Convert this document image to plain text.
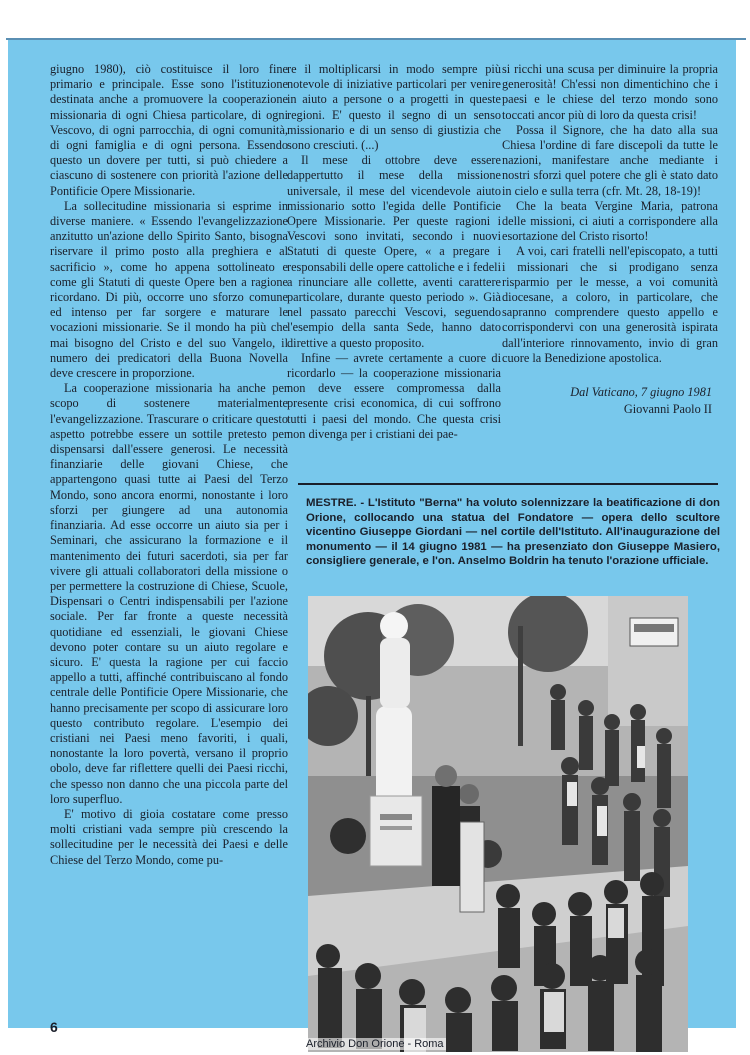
giugno 1980), ciò costituisce il loro fine primario e principale. Esse sono l'istituzione destinata anche a promuovere la cooperazione missionaria di ogni Chiesa particolare, di ogni Vescovo, di ogni parrocchia, di ogni comunità, di ogni famiglia e di ogni persona. Essendo questo un dovere per tutti, si può chiedere a ciascuno di sostenere con priorità l'azione delle Pontificie Opere Missionarie.

La sollecitudine missionaria si esprime in diverse maniere. « Essendo l'evangelizzazione anzitutto un'azione dello Spirito Santo, bisogna riservare il primo posto alla preghiera e al sacrificio », come ho appena sottolineato e come gli Statuti di queste Opere ben a ragione ricordano. Di più, occorre uno sforzo comune ed intenso per far sorgere e maturare le vocazioni missionarie. Se il mondo ha più che mai bisogno del Cristo e del suo Vangelo, il numero dei predicatori della Buona Novella deve crescere in proporzione.

La cooperazione missionaria ha anche per scopo di sostenere materialmente l'evangelizzazione. Trascurare o criticare questo aspetto potrebbe essere un sottile pretesto per dispensarsi dall'essere generosi. Le necessità finanziarie delle giovani Chiese, che appartengono quasi tutte ai Paesi del Terzo Mondo, sono ancora enormi, nonostante i loro sforzi per giungere ad una autonomia finanziaria. Ad esse occorre un aiuto sia per i Seminari, che assicurano la formazione e il mantenimento dei futuri sacerdoti, sia per far vivere gli attuali collaboratori della missione o per permettere la costruzione di Chiese, Scuole, Dispensari o Centri indispensabili per l'azione sociale. Per far fronte a queste necessità quotidiane ed essenziali, le giovani Chiese devono poter contare su un aiuto regolare e sicuro. E' questa la ragione per cui faccio appello a tutti, affinché contribuiscano al fondo centrale delle Pontificie Opere Missionarie, che hanno precisamente per scopo di assicurare loro questo contributo regolare. L'esempio dei cristiani nei Paesi meno favoriti, i quali, nonostante la loro povertà, versano il proprio obolo, deve far riflettere quelli dei Paesi ricchi, che spesso non danno che una piccola parte del loro superfluo.

E' motivo di gioia costatare come presso molti cristiani vada sempre più crescendo la sollecitudine per le necessità dei Paesi e delle Chiese del Terzo Mondo, come pu-

re il moltiplicarsi in modo sempre più notevole di iniziative particolari per venire in aiuto a persone o a progetti in queste regioni. E' questo il segno di un senso missionario e di un senso di giustizia che sono cresciuti. (...)

Il mese di ottobre deve essere dappertutto il mese della missione universale, il mese del vicendevole aiuto missionario sotto l'egida delle Pontificie Opere Missionarie. Per queste ragioni i Vescovi sono invitati, secondo i nuovi Statuti di queste Opere, « a pregare i responsabili delle opere cattoliche e i fedeli a rinunciare alle collette, aventi carattere particolare, durante questo periodo ». Già nel passato parecchi Vescovi, seguendo l'esempio della santa Sede, hanno dato direttive a questo proposito.

Infine — avrete certamente a cuore di ricordarlo — la cooperazione missionaria non deve essere compromessa dalla presente crisi economica, di cui soffrono tutti i paesi del mondo. Che questa crisi non divenga per i cristiani dei pae-

si ricchi una scusa per diminuire la propria generosità! Ch'essi non dimentichino che i paesi e le chiese del terzo mondo sono toccati ancor più di loro da questa crisi!

Possa il Signore, che ha dato alla sua Chiesa l'ordine di fare discepoli da tutte le nazioni, manifestare anche mediante i nostri sforzi quel potere che gli è stato dato in cielo e sulla terra (cfr. Mt. 28, 18-19)!

Che la beata Vergine Maria, patrona delle missioni, ci aiuti a corrispondere alla esortazione del Cristo risorto!

A voi, cari fratelli nell'episcopato, a tutti i missionari che si prodigano senza risparmio per le messe, a voi comunità diocesane, a coloro, in particolare, che sapranno comprendere questo appello e corrispondervi con una generosità ispirata dall'interiore rinnovamento, invio di gran cuore la Benedizione apostolica.

Dal Vaticano, 7 giugno 1981
Giovanni Paolo II
MESTRE. - L'Istituto "Berna" ha voluto solennizzare la beatificazione di don Orione, collocando una statua del Fondatore — opera dello scultore vicentino Giuseppe Giordani — nel cortile dell'Istituto. All'inaugurazione del monumento — il 14 giugno 1981 — ha presenziato don Giuseppe Masiero, consigliere generale, e l'on. Anselmo Boldrin ha tenuto l'orazione ufficiale.
6
Archivio Don Orione - Roma
